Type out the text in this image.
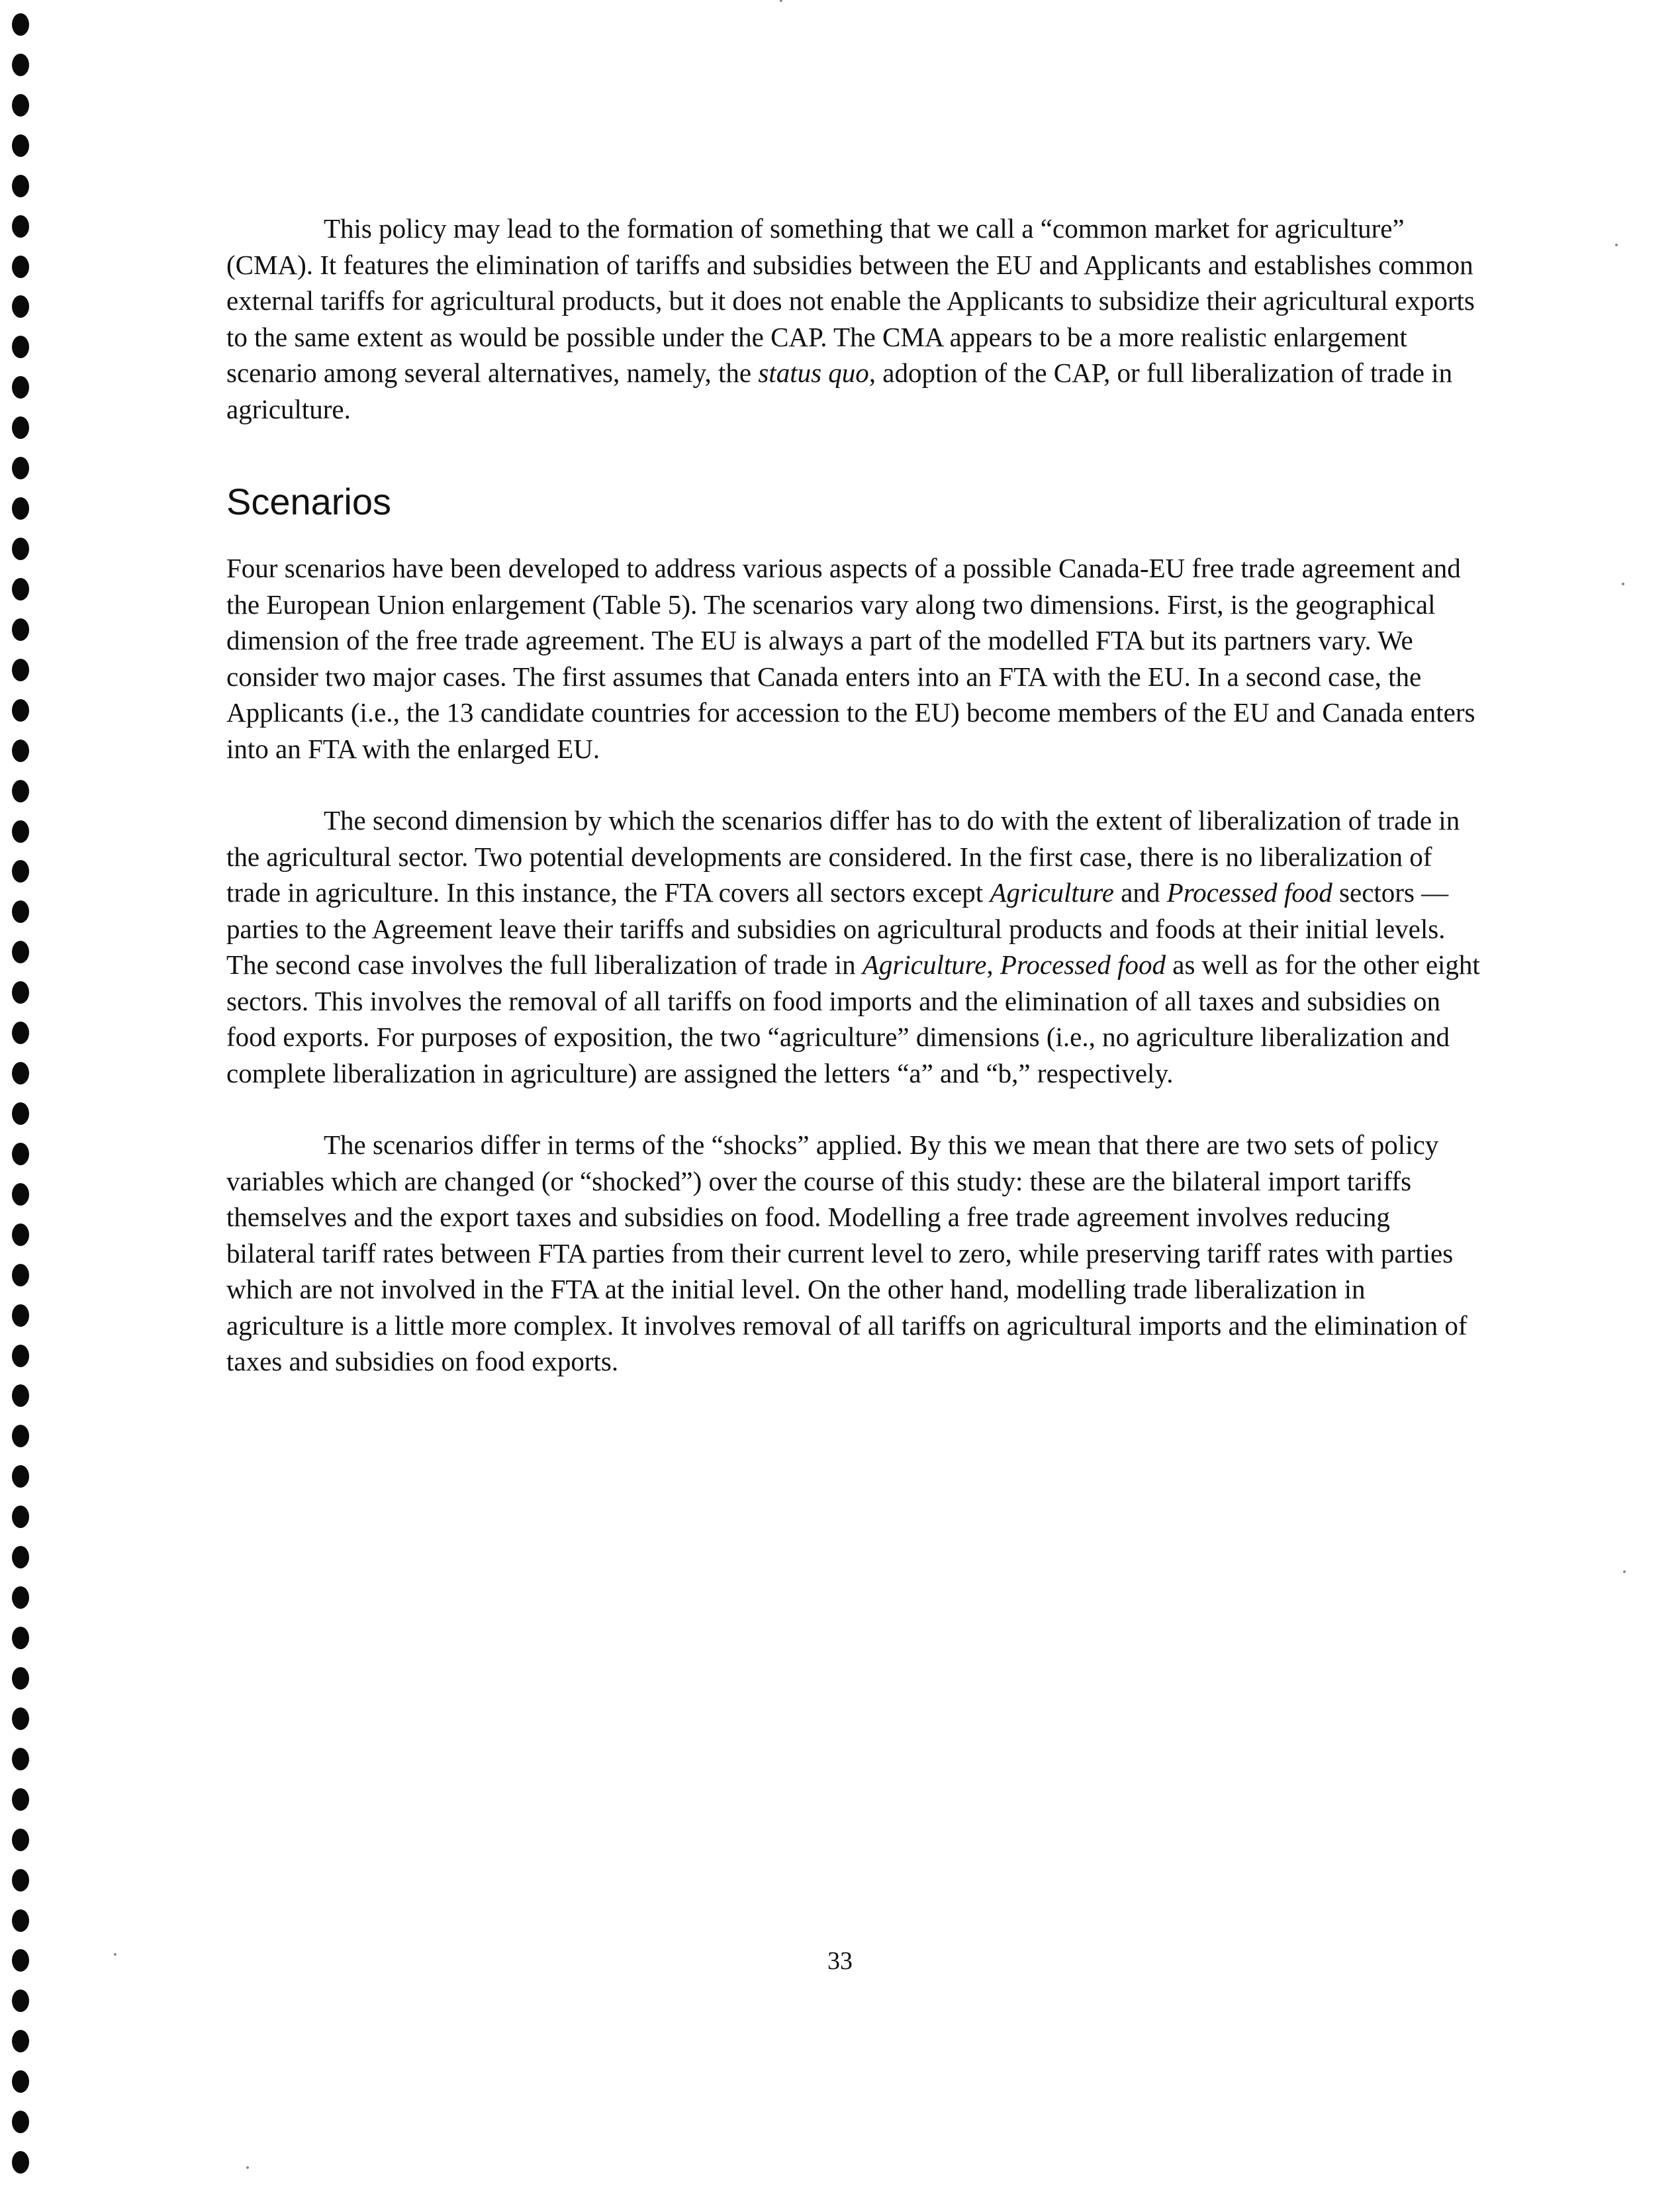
This policy may lead to the formation of something that we call a “common market for agriculture” (CMA). It features the elimination of tariffs and subsidies between the EU and Applicants and establishes common external tariffs for agricultural products, but it does not enable the Applicants to subsidize their agricultural exports to the same extent as would be possible under the CAP. The CMA appears to be a more realistic enlargement scenario among several alternatives, namely, the status quo, adoption of the CAP, or full liberalization of trade in agriculture.

Scenarios

Four scenarios have been developed to address various aspects of a possible Canada-EU free trade agreement and the European Union enlargement (Table 5). The scenarios vary along two dimensions. First, is the geographical dimension of the free trade agreement. The EU is always a part of the modelled FTA but its partners vary. We consider two major cases. The first assumes that Canada enters into an FTA with the EU. In a second case, the Applicants (i.e., the 13 candidate countries for accession to the EU) become members of the EU and Canada enters into an FTA with the enlarged EU.

The second dimension by which the scenarios differ has to do with the extent of liberalization of trade in the agricultural sector. Two potential developments are considered. In the first case, there is no liberalization of trade in agriculture. In this instance, the FTA covers all sectors except Agriculture and Processed food sectors — parties to the Agreement leave their tariffs and subsidies on agricultural products and foods at their initial levels. The second case involves the full liberalization of trade in Agriculture, Processed food as well as for the other eight sectors. This involves the removal of all tariffs on food imports and the elimination of all taxes and subsidies on food exports. For purposes of exposition, the two “agriculture” dimensions (i.e., no agriculture liberalization and complete liberalization in agriculture) are assigned the letters “a” and “b,” respectively.

The scenarios differ in terms of the “shocks” applied. By this we mean that there are two sets of policy variables which are changed (or “shocked”) over the course of this study: these are the bilateral import tariffs themselves and the export taxes and subsidies on food. Modelling a free trade agreement involves reducing bilateral tariff rates between FTA parties from their current level to zero, while preserving tariff rates with parties which are not involved in the FTA at the initial level. On the other hand, modelling trade liberalization in agriculture is a little more complex. It involves removal of all tariffs on agricultural imports and the elimination of taxes and subsidies on food exports.

33
